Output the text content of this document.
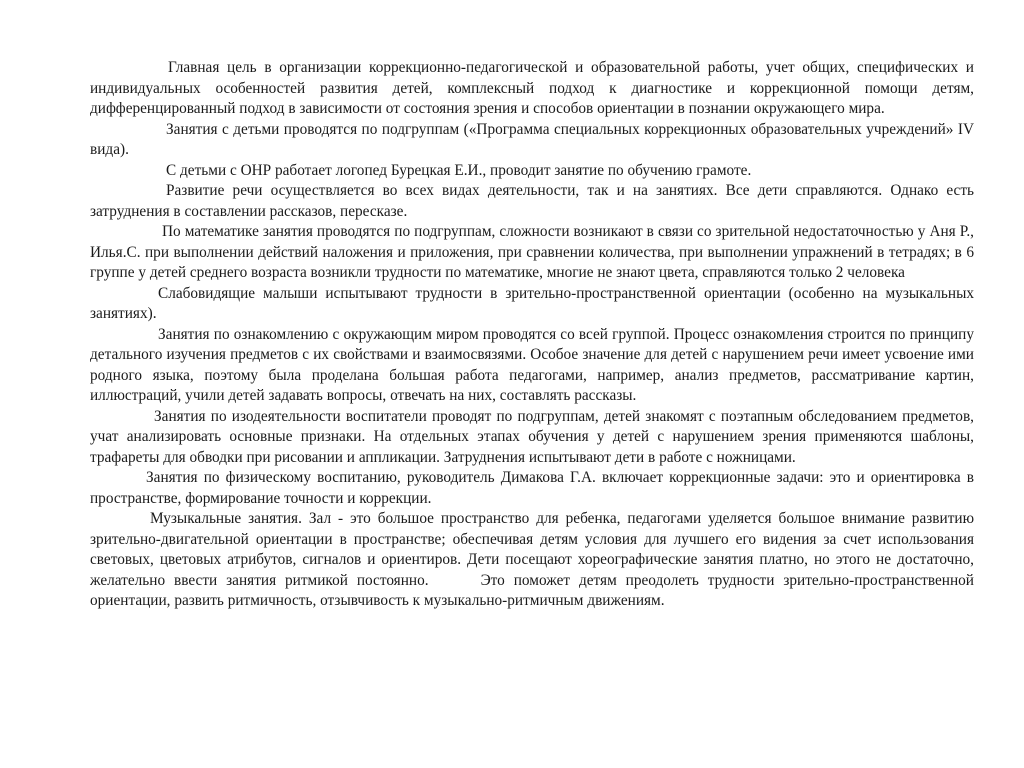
Главная цель в организации коррекционно-педагогической и образовательной работы, учет общих, специфических и индивидуальных особенностей развития детей, комплексный подход к диагностике и коррекционной помощи детям, дифференцированный подход в зависимости от состояния зрения и способов ориентации в познании окружающего мира.

Занятия с детьми проводятся по подгруппам («Программа специальных коррекционных образовательных учреждений» IV вида).

С детьми с ОНР работает логопед Бурецкая Е.И., проводит занятие по обучению грамоте.

Развитие речи осуществляется во всех видах деятельности, так и на занятиях. Все дети справляются. Однако есть затруднения в составлении рассказов, пересказе.

По математике занятия проводятся по подгруппам, сложности возникают в связи со зрительной недостаточностью у Аня Р., Илья.С. при выполнении действий наложения и приложения, при сравнении количества, при выполнении упражнений в тетрадях; в 6 группе у детей среднего возраста возникли трудности по математике, многие не знают цвета, справляются только 2 человека

Слабовидящие малыши испытывают трудности в зрительно-пространственной ориентации (особенно на музыкальных занятиях).

Занятия по ознакомлению с окружающим миром проводятся со всей группой. Процесс ознакомления строится по принципу детального изучения предметов с их свойствами и взаимосвязями. Особое значение для детей с нарушением речи имеет усвоение ими родного языка, поэтому была проделана большая работа педагогами, например, анализ предметов, рассматривание картин, иллюстраций, учили детей задавать вопросы, отвечать на них, составлять рассказы.

Занятия по изодеятельности воспитатели проводят по подгруппам, детей знакомят с поэтапным обследованием предметов, учат анализировать основные признаки. На отдельных этапах обучения у детей с нарушением зрения применяются шаблоны, трафареты для обводки при рисовании и аппликации. Затруднения испытывают дети в работе с ножницами.

Занятия по физическому воспитанию, руководитель Димакова Г.А. включает коррекционные задачи: это и ориентировка в пространстве, формирование точности и коррекции.

Музыкальные занятия. Зал - это большое пространство для ребенка, педагогами уделяется большое внимание развитию зрительно-двигательной ориентации в пространстве; обеспечивая детям условия для лучшего его видения за счет использования световых, цветовых атрибутов, сигналов и ориентиров. Дети посещают хореографические занятия платно, но этого не достаточно, желательно ввести занятия ритмикой постоянно.	Это поможет детям преодолеть трудности зрительно-пространственной ориентации, развить ритмичность, отзывчивость к музыкально-ритмичным движениям.
